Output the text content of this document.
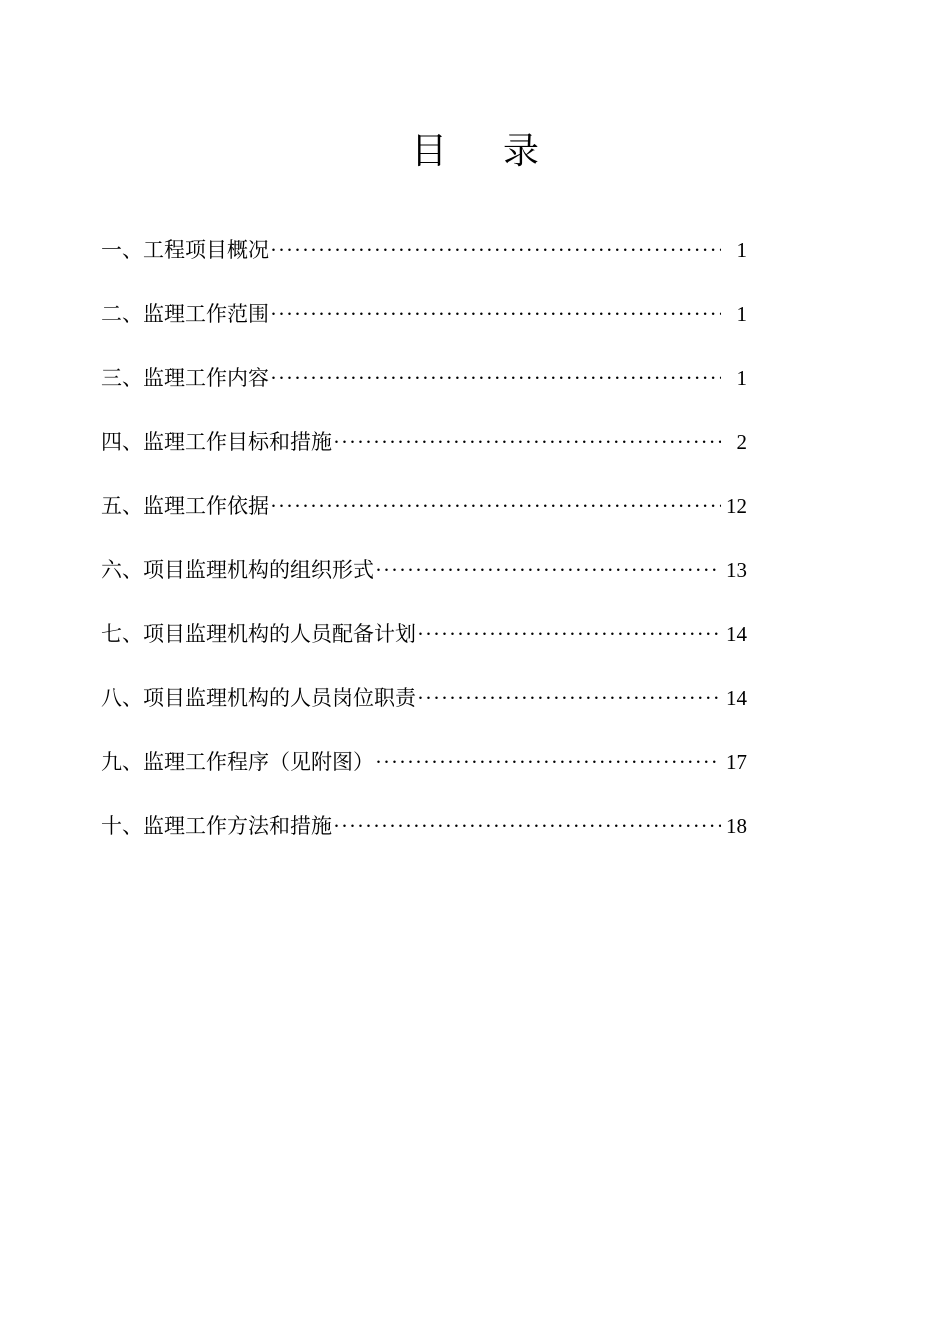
目录
一、工程项目概况 ·····	1
二、监理工作范围 ·····	1
三、监理工作内容 ·····	1
四、监理工作目标和措施 ·····	2
五、监理工作依据 ·····	12
六、项目监理机构的组织形式 ·····	13
七、项目监理机构的人员配备计划 ·····	14
八、项目监理机构的人员岗位职责 ·····	14
九、监理工作程序（见附图） ·····	17
十、监理工作方法和措施 ·····	18
